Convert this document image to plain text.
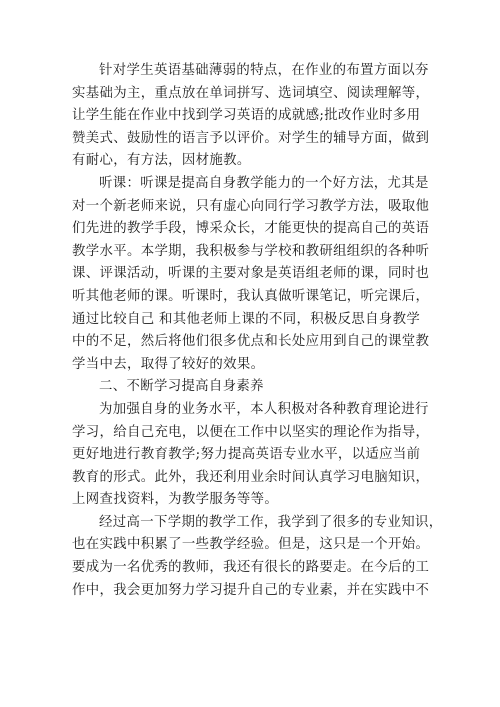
针对学生英语基础薄弱的特点，在作业的布置方面以夯
实基础为主，重点放在单词拼写、选词填空、阅读理解等，
让学生能在作业中找到学习英语的成就感;批改作业时多用
赞美式、鼓励性的语言予以评价。对学生的辅导方面，做到
有耐心，有方法，因材施教。
听课：听课是提高自身教学能力的一个好方法，尤其是
对一个新老师来说，只有虚心向同行学习教学方法，吸取他
们先进的教学手段，博采众长，才能更快的提高自己的英语
教学水平。本学期，我积极参与学校和教研组组织的各种听
课、评课活动，听课的主要对象是英语组老师的课，同时也
听其他老师的课。听课时，我认真做听课笔记，听完课后，
通过比较自己 和其他老师上课的不同，积极反思自身教学
中的不足，然后将他们很多优点和长处应用到自己的课堂教
学当中去，取得了较好的效果。
二、不断学习提高自身素养
为加强自身的业务水平，本人积极对各种教育理论进行
学习，给自己充电，以便在工作中以坚实的理论作为指导，
更好地进行教育教学;努力提高英语专业水平，以适应当前
教育的形式。此外，我还利用业余时间认真学习电脑知识，
上网查找资料，为教学服务等等。
经过高一下学期的教学工作，我学到了很多的专业知识，
也在实践中积累了一些教学经验。但是，这只是一个开始。
要成为一名优秀的教师，我还有很长的路要走。在今后的工
作中，我会更加努力学习提升自己的专业素，并在实践中不
